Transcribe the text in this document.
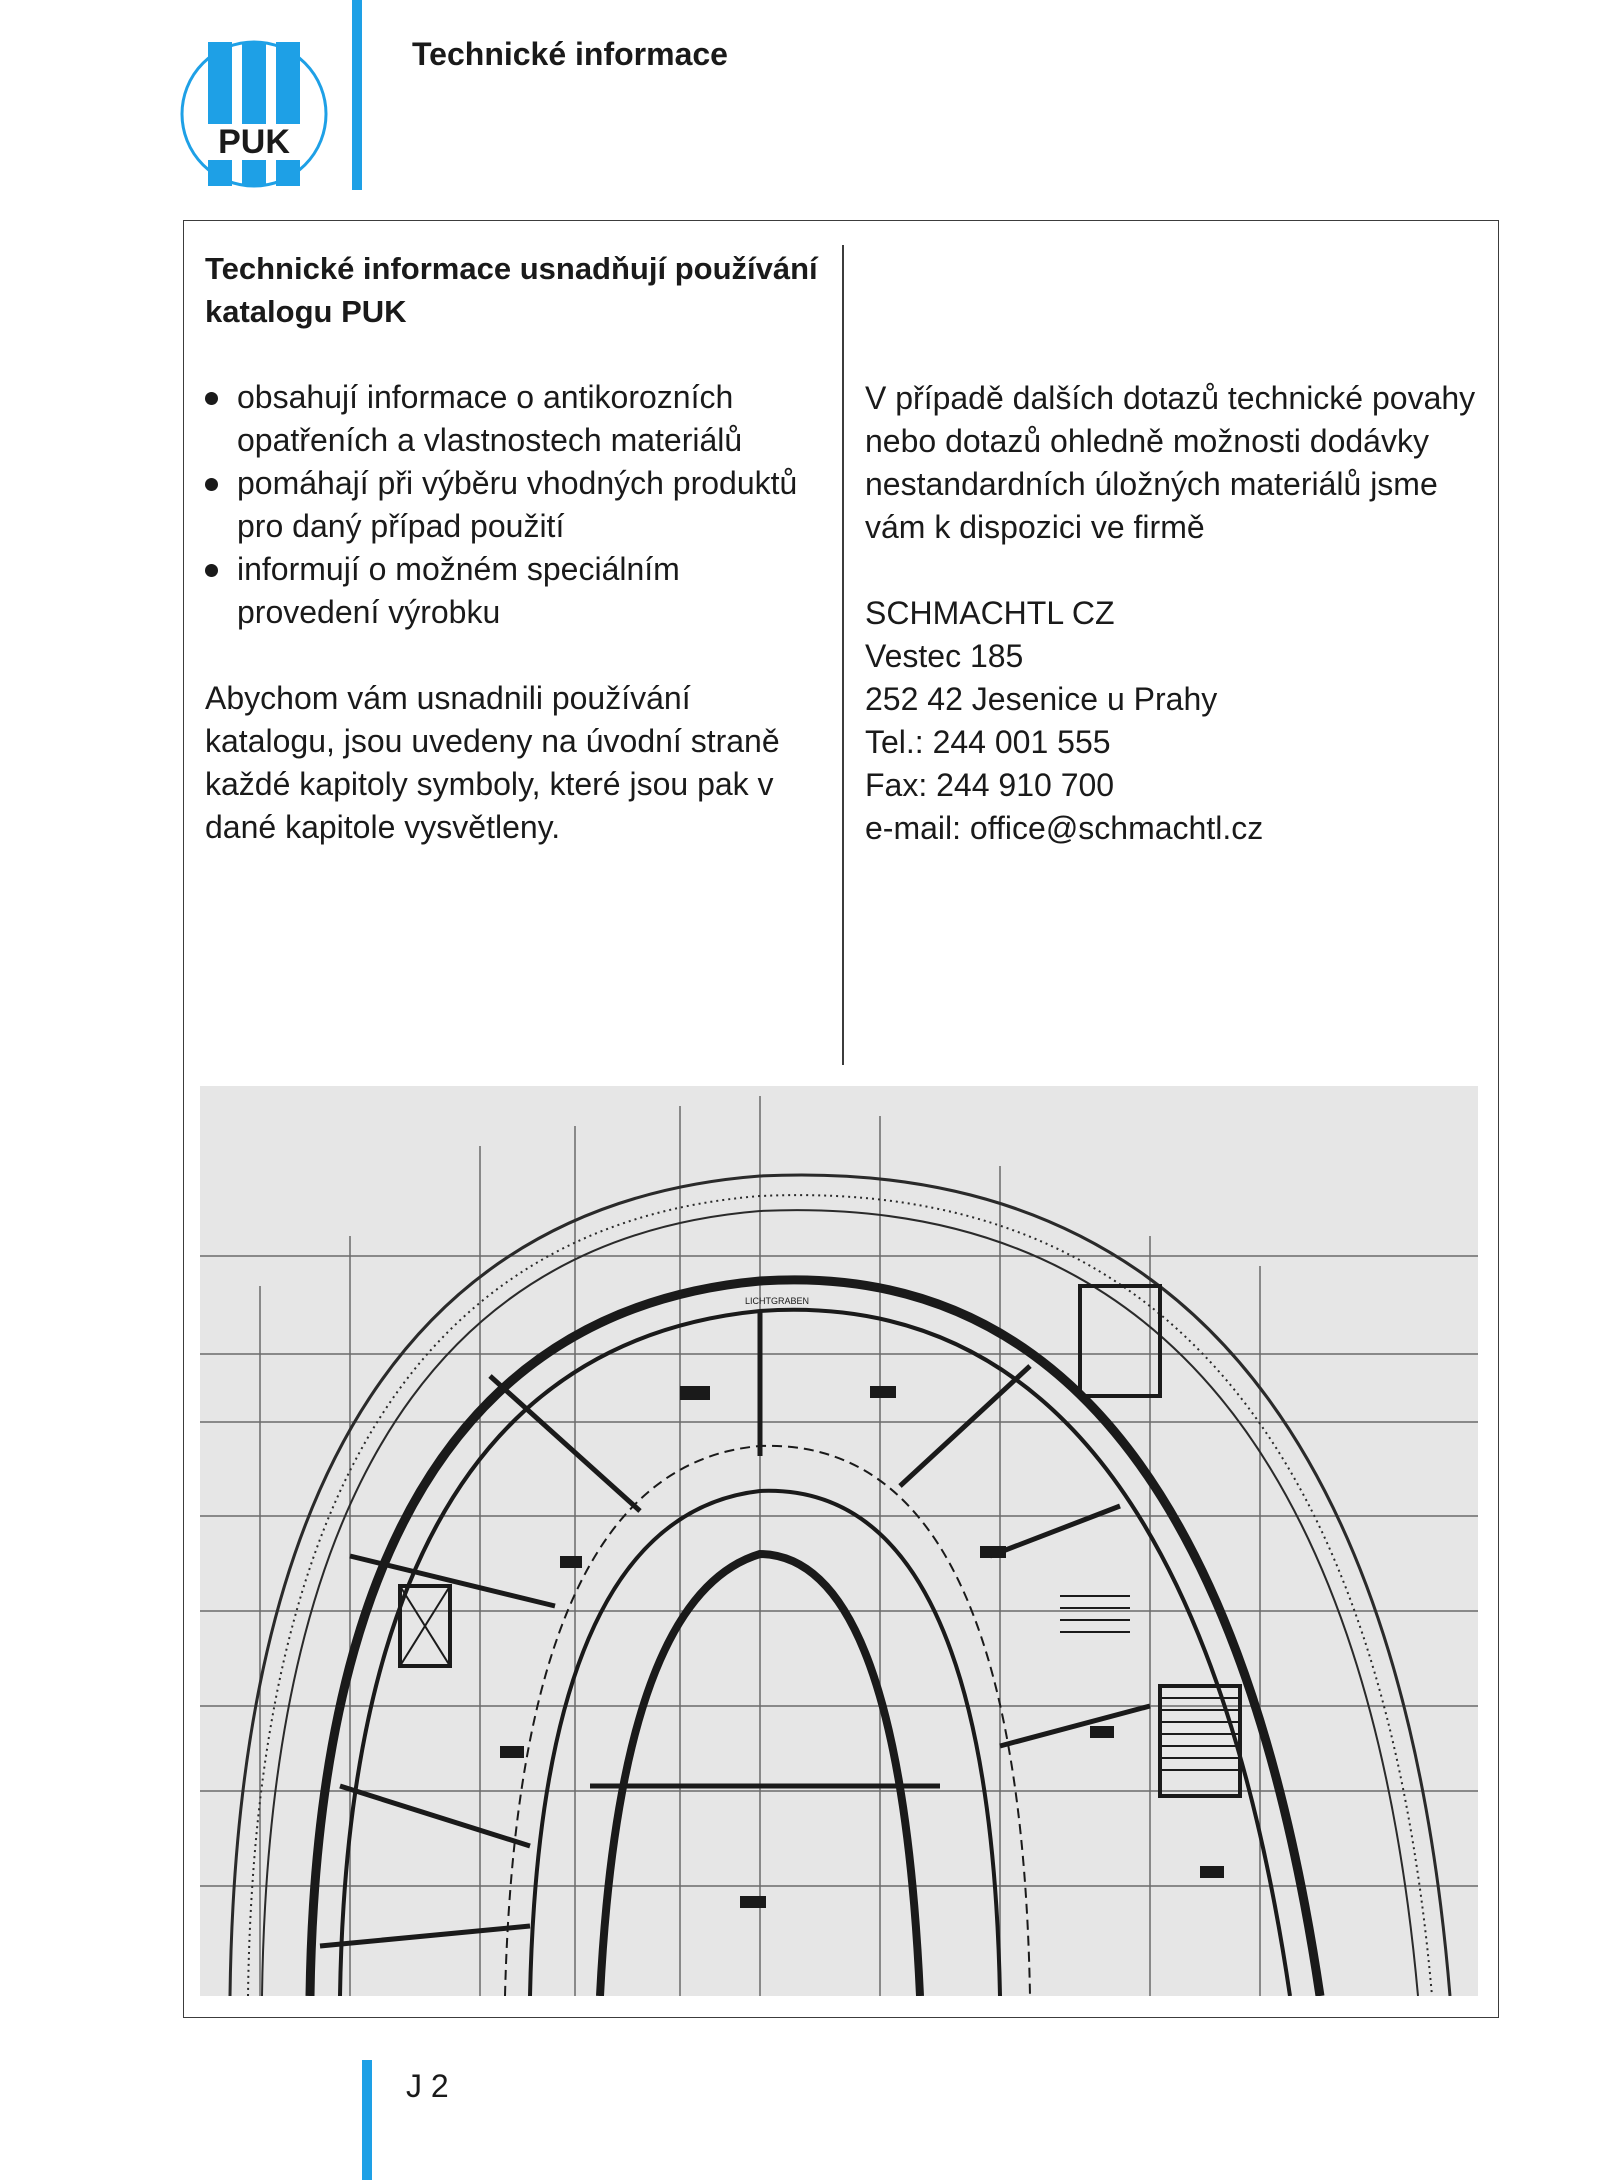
PUK
Technické informace

Technické informace usnadňují používání katalogu PUK

obsahují informace o antikorozních opatřeních a vlastnostech materiálů
pomáhají při výběru vhodných produktů pro daný případ použití
informují o možném speciálním provedení výrobku

Abychom vám usnadnili používání katalogu, jsou uvedeny na úvodní straně každé kapitoly symboly, které jsou pak v dané kapitole vysvětleny.

V případě dalších dotazů technické povahy nebo dotazů ohledně možnosti dodávky nestandardních úložných materiálů jsme vám k dispozici ve firmě

SCHMACHTL CZ
Vestec 185
252 42 Jesenice u Prahy
Tel.: 244 001 555
Fax: 244 910 700
e-mail: office@schmachtl.cz
LICHTGRABEN
J 2
